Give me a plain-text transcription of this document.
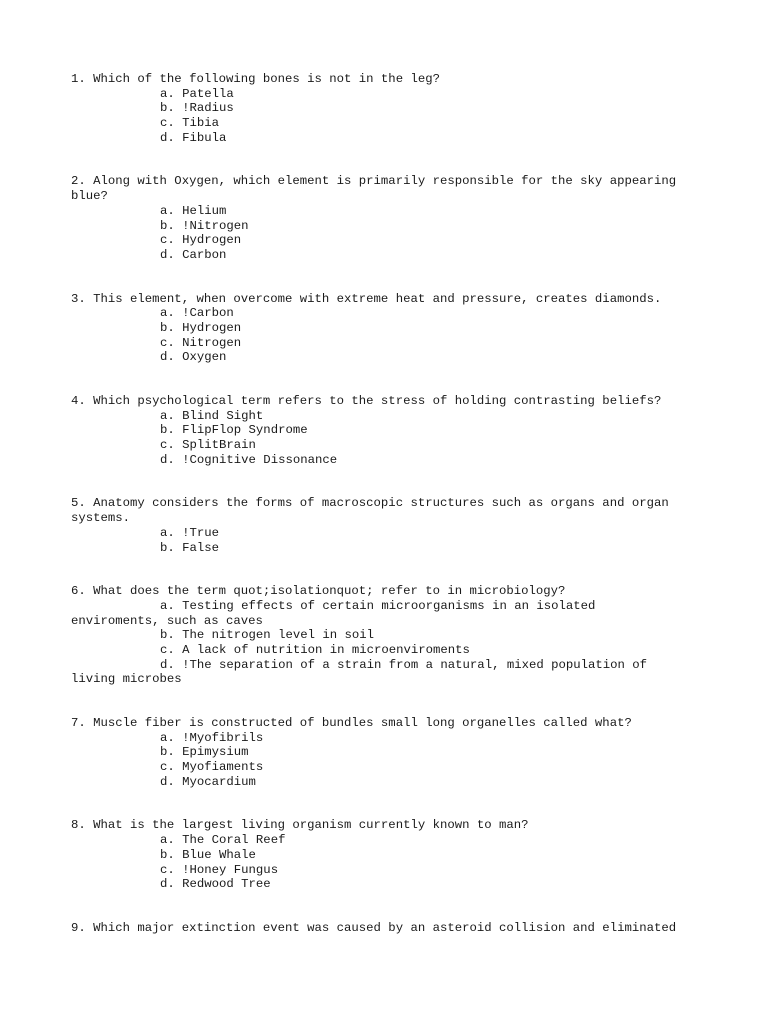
1. Which of the following bones is not in the leg?
a. Patella
b. !Radius
c. Tibia
d. Fibula
2. Along with Oxygen, which element is primarily responsible for the sky appearing
blue?
a. Helium
b. !Nitrogen
c. Hydrogen
d. Carbon
3. This element, when overcome with extreme heat and pressure, creates diamonds.
a. !Carbon
b. Hydrogen
c. Nitrogen
d. Oxygen
4. Which psychological term refers to the stress of holding contrasting beliefs?
a. Blind Sight
b. FlipFlop Syndrome
c. SplitBrain
d. !Cognitive Dissonance
5. Anatomy considers the forms of macroscopic structures such as organs and organ
systems.
a. !True
b. False
6. What does the term quot;isolationquot; refer to in microbiology?
a. Testing effects of certain microorganisms in an isolated
enviroments, such as caves
b. The nitrogen level in soil
c. A lack of nutrition in microenviroments
d. !The separation of a strain from a natural, mixed population of
living microbes
7. Muscle fiber is constructed of bundles small long organelles called what?
a. !Myofibrils
b. Epimysium
c. Myofiaments
d. Myocardium
8. What is the largest living organism currently known to man?
a. The Coral Reef
b. Blue Whale
c. !Honey Fungus
d. Redwood Tree
9. Which major extinction event was caused by an asteroid collision and eliminated
